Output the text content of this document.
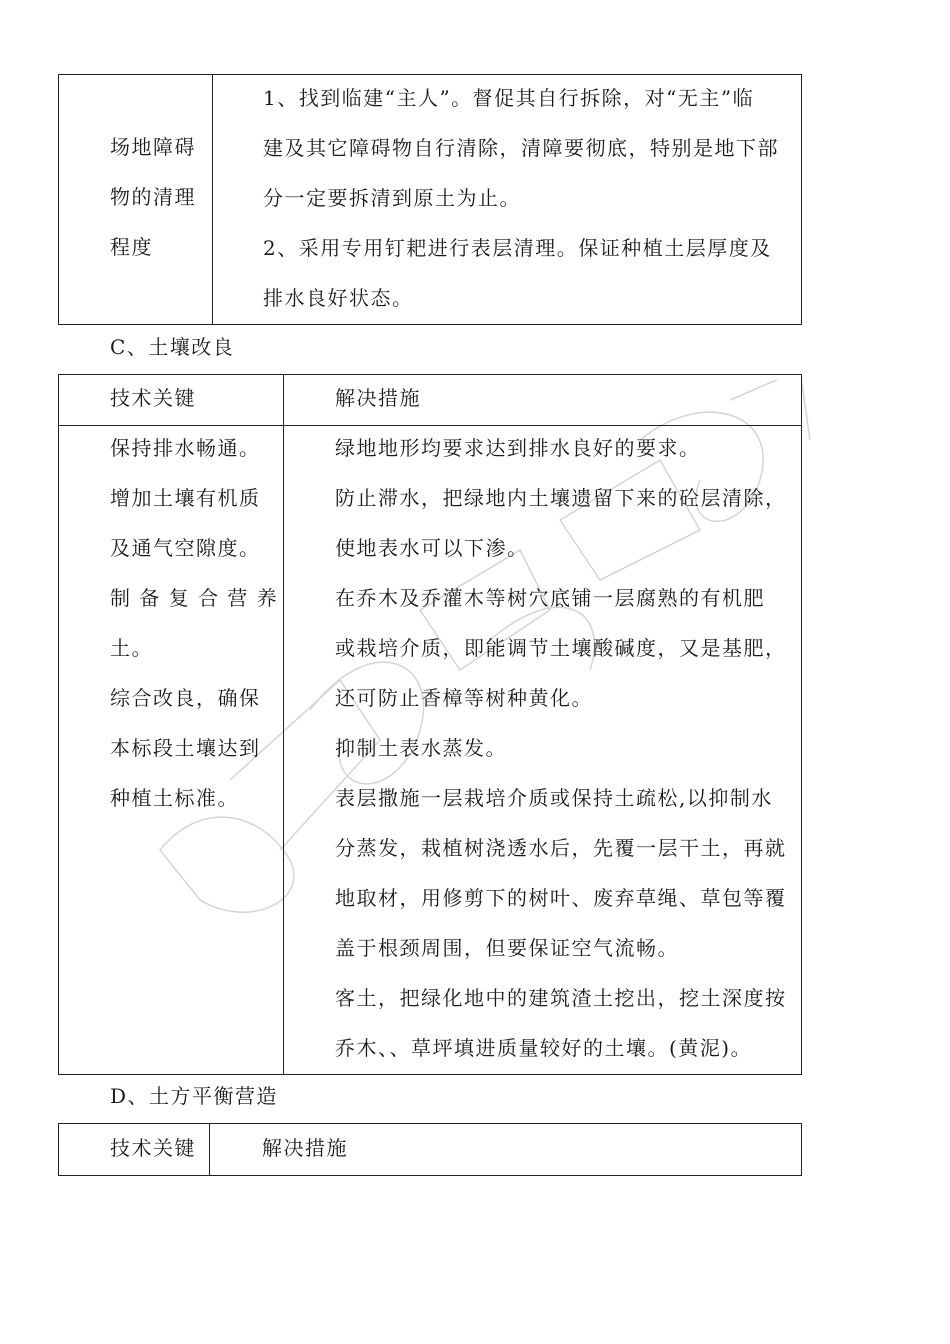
场地障碍
物的清理
程度
1、找到临建“主人”。督促其自行拆除，对“无主”临
建及其它障碍物自行清除，清障要彻底，特别是地下部
分一定要拆清到原土为止。
2、采用专用钉耙进行表层清理。保证种植土层厚度及
排水良好状态。
C、土壤改良
技术关键	解决措施
保持排水畅通。
增加土壤有机质
及通气空隙度。
制 备 复 合 营 养
土。
综合改良，确保
本标段土壤达到
种植土标准。
绿地地形均要求达到排水良好的要求。
防止滞水，把绿地内土壤遗留下来的砼层清除，
使地表水可以下渗。
在乔木及乔灌木等树穴底铺一层腐熟的有机肥
或栽培介质，即能调节土壤酸碱度，又是基肥，
还可防止香樟等树种黄化。
抑制土表水蒸发。
表层撒施一层栽培介质或保持土疏松,以抑制水
分蒸发，栽植树浇透水后，先覆一层干土，再就
地取材，用修剪下的树叶、废弃草绳、草包等覆
盖于根颈周围，但要保证空气流畅。
客土，把绿化地中的建筑渣土挖出，挖土深度按
乔木、、草坪填进质量较好的土壤。(黄泥)。
D、土方平衡营造
技术关键	解决措施
